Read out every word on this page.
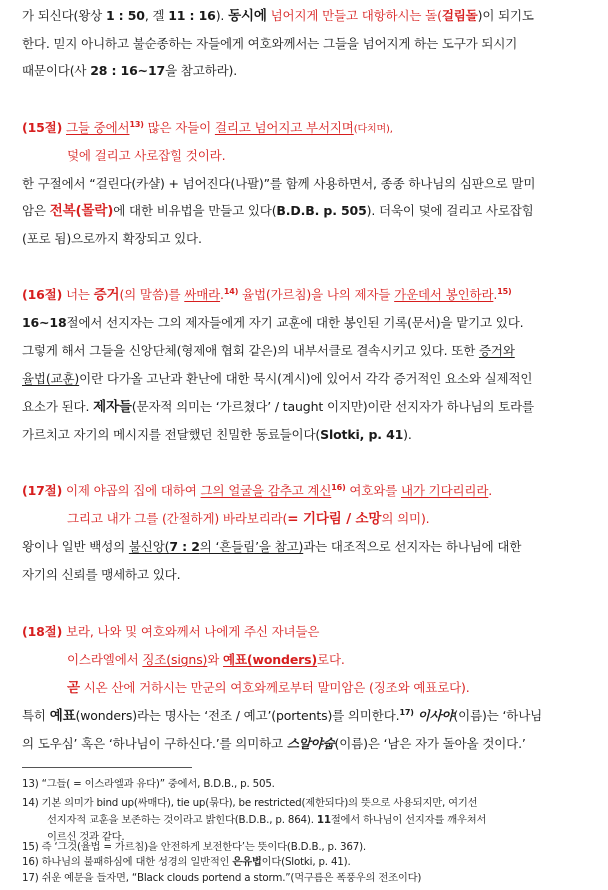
가 되신다(왕상 1 : 50, 겔 11 : 16). 동시에 넘어지게 만들고 대항하시는 돌(걸림돌)이 되기도
한다. 믿지 아니하고 불순종하는 자들에게 여호와께서는 그들을 넘어지게 하는 도구가 되시기
때문이다(사 28 : 16∼17을 참고하라).
(15절) 그들 중에서$^{13)}$ 많은 자들이 걸리고 넘어지고 부서지며(다치며),
덫에 걸리고 사로잡힐 것이라.
한 구절에서 “걸린다(카샬) + 넘어진다(나팔)”를 함께 사용하면서, 종종 하나님의 심판으로 말미
암은 전복(몰락)에 대한 비유법을 만들고 있다(B.D.B. p. 505). 더욱이 덫에 걸리고 사로잡힘
(포로 됨)으로까지 확장되고 있다.
(16절) 너는 증거(의 말씀)를 싸매라.$^{14)}$ 율법(가르침)을 나의 제자들 가운데서 봉인하라.$^{15)}$
16∼18절에서 선지자는 그의 제자들에게 자기 교훈에 대한 봉인된 기록(문서)을 맡기고 있다.
그렇게 해서 그들을 신앙단체(형제애 협회 같은)의 내부서클로 결속시키고 있다. 또한 증거와
율법(교훈)이란 다가올 고난과 환난에 대한 묵시(계시)에 있어서 각각 증거적인 요소와 실제적인
요소가 된다. 제자들(문자적 의미는 ‘가르쳤다’ / taught 이지만)이란 선지자가 하나님의 토라를
가르치고 자기의 메시지를 전달했던 친밀한 동료들이다(Slotki, p. 41).
(17절) 이제 야곱의 집에 대하여 그의 얼굴을 감추고 계신$^{16)}$ 여호와를 내가 기다리리라.
그리고 내가 그를 (간절하게) 바라보리라(= 기다림 / 소망의 의미).
왕이나 일반 백성의 불신앙(7 : 2의 ‘흔들림’을 참고)과는 대조적으로 선지자는 하나님에 대한
자기의 신뢰를 맹세하고 있다.
(18절) 보라, 나와 및 여호와께서 나에게 주신 자녀들은
이스라엘에서 징조(signs)와 예표(wonders)로다.
곧 시온 산에 거하시는 만군의 여호와께로부터 말미암은 (징조와 예표로다).
특히 예표(wonders)라는 명사는 ‘전조 / 예고’(portents)를 의미한다.$^{17)}$ 이사야(이름)는 ‘하나님
의 도우심’ 혹은 ‘하나님이 구하신다.’를 의미하고 스알야숩(이름)은 ‘남은 자가 돌아올 것이다.’
13) “그들( = 이스라엘과 유다)” 중에서, B.D.B., p. 505.
14) 기본 의미가 bind up(싸매다), tie up(묶다), be restricted(제한되다)의 뜻으로 사용되지만, 여기선
선지자적 교훈을 보존하는 것이라고 밝힌다(B.D.B., p. 864). 11절에서 하나님이 선지자를 깨우쳐서
이르신 것과 같다.
15) 즉 ‘그것(율법 = 가르침)을 안전하게 보전한다’는 뜻이다(B.D.B., p. 367).
16) 하나님의 불패하심에 대한 성경의 일반적인 은유법이다(Slotki, p. 41).
17) 쉬운 예문을 들자면, “Black clouds portend a storm.”(먹구름은 폭풍우의 전조이다)
